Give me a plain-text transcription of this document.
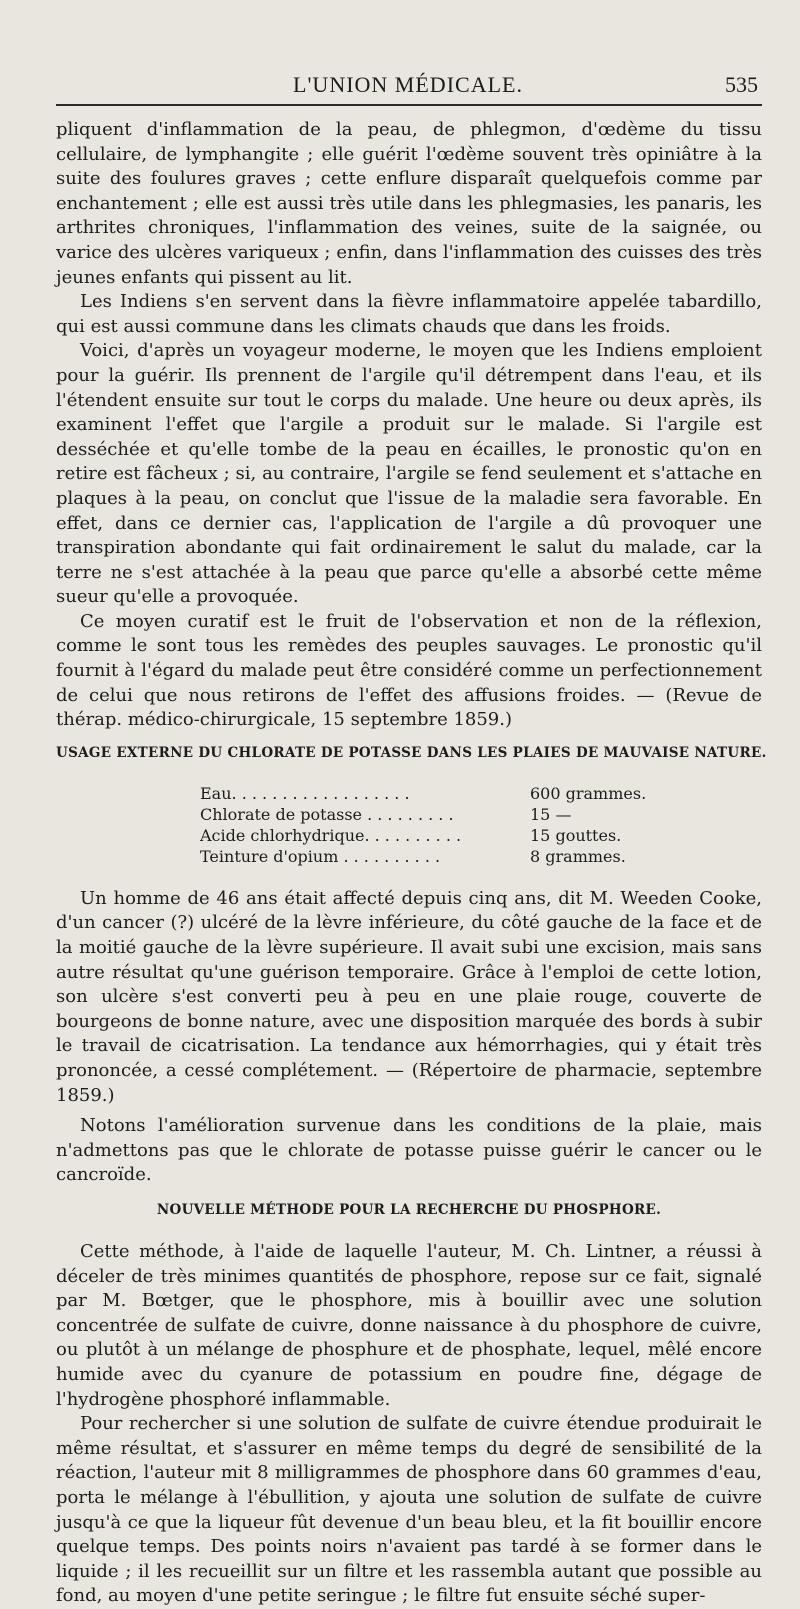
L'UNION MÉDICALE.	535

pliquent d'inflammation de la peau, de phlegmon, d'œdème du tissu cellulaire, de lymphangite ; elle guérit l'œdème souvent très opiniâtre à la suite des foulures graves ; cette enflure disparaît quelquefois comme par enchantement ; elle est aussi très utile dans les phlegmasies, les panaris, les arthrites chroniques, l'inflammation des veines, suite de la saignée, ou varice des ulcères variqueux ; enfin, dans l'inflammation des cuisses des très jeunes enfants qui pissent au lit.

Les Indiens s'en servent dans la fièvre inflammatoire appelée tabardillo, qui est aussi commune dans les climats chauds que dans les froids.

Voici, d'après un voyageur moderne, le moyen que les Indiens emploient pour la guérir. Ils prennent de l'argile qu'il détrempent dans l'eau, et ils l'étendent ensuite sur tout le corps du malade. Une heure ou deux après, ils examinent l'effet que l'argile a produit sur le malade. Si l'argile est desséchée et qu'elle tombe de la peau en écailles, le pronostic qu'on en retire est fâcheux ; si, au contraire, l'argile se fend seulement et s'attache en plaques à la peau, on conclut que l'issue de la maladie sera favorable. En effet, dans ce dernier cas, l'application de l'argile a dû provoquer une transpiration abondante qui fait ordinairement le salut du malade, car la terre ne s'est attachée à la peau que parce qu'elle a absorbé cette même sueur qu'elle a provoquée.

Ce moyen curatif est le fruit de l'observation et non de la réflexion, comme le sont tous les remèdes des peuples sauvages. Le pronostic qu'il fournit à l'égard du malade peut être considéré comme un perfectionnement de celui que nous retirons de l'effet des affusions froides. — (Revue de thérap. médico-chirurgicale, 15 septembre 1859.)

USAGE EXTERNE DU CHLORATE DE POTASSE DANS LES PLAIES DE MAUVAISE NATURE.
Eau. . . . . . . . . . . . . . . . . .	600 grammes.
Chlorate de potasse . . . . . . . . .	15 —
Acide chlorhydrique. . . . . . . . . .	15 gouttes.
Teinture d'opium . . . . . . . . . .	8 grammes.

Un homme de 46 ans était affecté depuis cinq ans, dit M. Weeden Cooke, d'un cancer (?) ulcéré de la lèvre inférieure, du côté gauche de la face et de la moitié gauche de la lèvre supérieure. Il avait subi une excision, mais sans autre résultat qu'une guérison temporaire. Grâce à l'emploi de cette lotion, son ulcère s'est converti peu à peu en une plaie rouge, couverte de bourgeons de bonne nature, avec une disposition marquée des bords à subir le travail de cicatrisation. La tendance aux hémorrhagies, qui y était très prononcée, a cessé complétement. — (Répertoire de pharmacie, septembre 1859.)

Notons l'amélioration survenue dans les conditions de la plaie, mais n'admettons pas que le chlorate de potasse puisse guérir le cancer ou le cancroïde.

NOUVELLE MÉTHODE POUR LA RECHERCHE DU PHOSPHORE.

Cette méthode, à l'aide de laquelle l'auteur, M. Ch. Lintner, a réussi à déceler de très minimes quantités de phosphore, repose sur ce fait, signalé par M. Bœtger, que le phosphore, mis à bouillir avec une solution concentrée de sulfate de cuivre, donne naissance à du phosphore de cuivre, ou plutôt à un mélange de phosphure et de phosphate, lequel, mêlé encore humide avec du cyanure de potassium en poudre fine, dégage de l'hydrogène phosphoré inflammable.

Pour rechercher si une solution de sulfate de cuivre étendue produirait le même résultat, et s'assurer en même temps du degré de sensibilité de la réaction, l'auteur mit 8 milligrammes de phosphore dans 60 grammes d'eau, porta le mélange à l'ébullition, y ajouta une solution de sulfate de cuivre jusqu'à ce que la liqueur fût devenue d'un beau bleu, et la fit bouillir encore quelque temps. Des points noirs n'avaient pas tardé à se former dans le liquide ; il les recueillit sur un filtre et les rassembla autant que possible au fond, au moyen d'une petite seringue ; le filtre fut ensuite séché super-
